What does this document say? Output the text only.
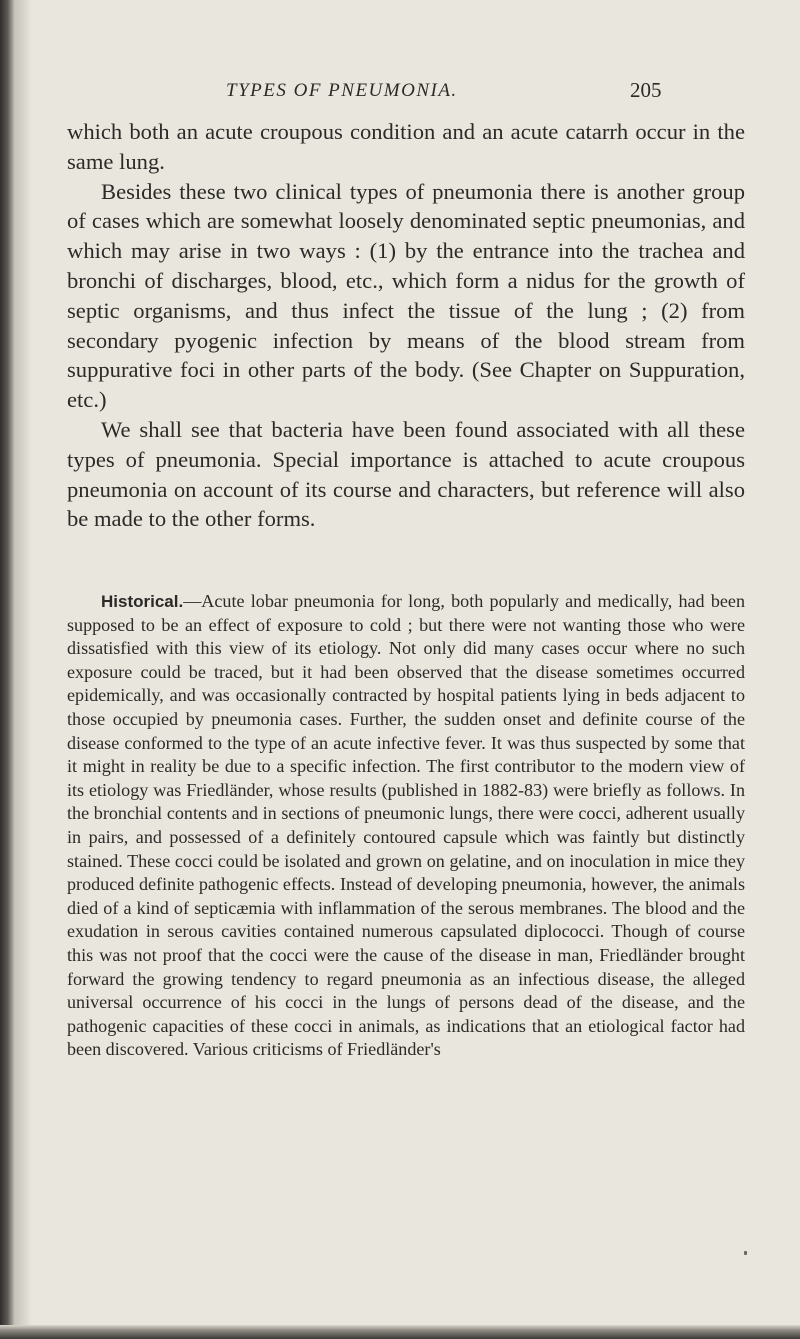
TYPES OF PNEUMONIA.	205

which both an acute croupous condition and an acute catarrh occur in the same lung.

Besides these two clinical types of pneumonia there is another group of cases which are somewhat loosely denominated septic pneumonias, and which may arise in two ways : (1) by the entrance into the trachea and bronchi of discharges, blood, etc., which form a nidus for the growth of septic organisms, and thus infect the tissue of the lung ; (2) from secondary pyogenic infection by means of the blood stream from suppurative foci in other parts of the body. (See Chapter on Suppuration, etc.)

We shall see that bacteria have been found associated with all these types of pneumonia. Special importance is attached to acute croupous pneumonia on account of its course and characters, but reference will also be made to the other forms.

Historical.—Acute lobar pneumonia for long, both popularly and medically, had been supposed to be an effect of exposure to cold ; but there were not wanting those who were dissatisfied with this view of its etiology. Not only did many cases occur where no such exposure could be traced, but it had been observed that the disease sometimes occurred epidemically, and was occasionally contracted by hospital patients lying in beds adjacent to those occupied by pneumonia cases. Further, the sudden onset and definite course of the disease conformed to the type of an acute infective fever. It was thus suspected by some that it might in reality be due to a specific infection. The first contributor to the modern view of its etiology was Friedländer, whose results (published in 1882-83) were briefly as follows. In the bronchial contents and in sections of pneumonic lungs, there were cocci, adherent usually in pairs, and possessed of a definitely contoured capsule which was faintly but distinctly stained. These cocci could be isolated and grown on gelatine, and on inoculation in mice they produced definite pathogenic effects. Instead of developing pneumonia, however, the animals died of a kind of septicæmia with inflammation of the serous membranes. The blood and the exudation in serous cavities contained numerous capsulated diplococci. Though of course this was not proof that the cocci were the cause of the disease in man, Friedländer brought forward the growing tendency to regard pneumonia as an infectious disease, the alleged universal occurrence of his cocci in the lungs of persons dead of the disease, and the pathogenic capacities of these cocci in animals, as indications that an etiological factor had been discovered. Various criticisms of Friedländer's
